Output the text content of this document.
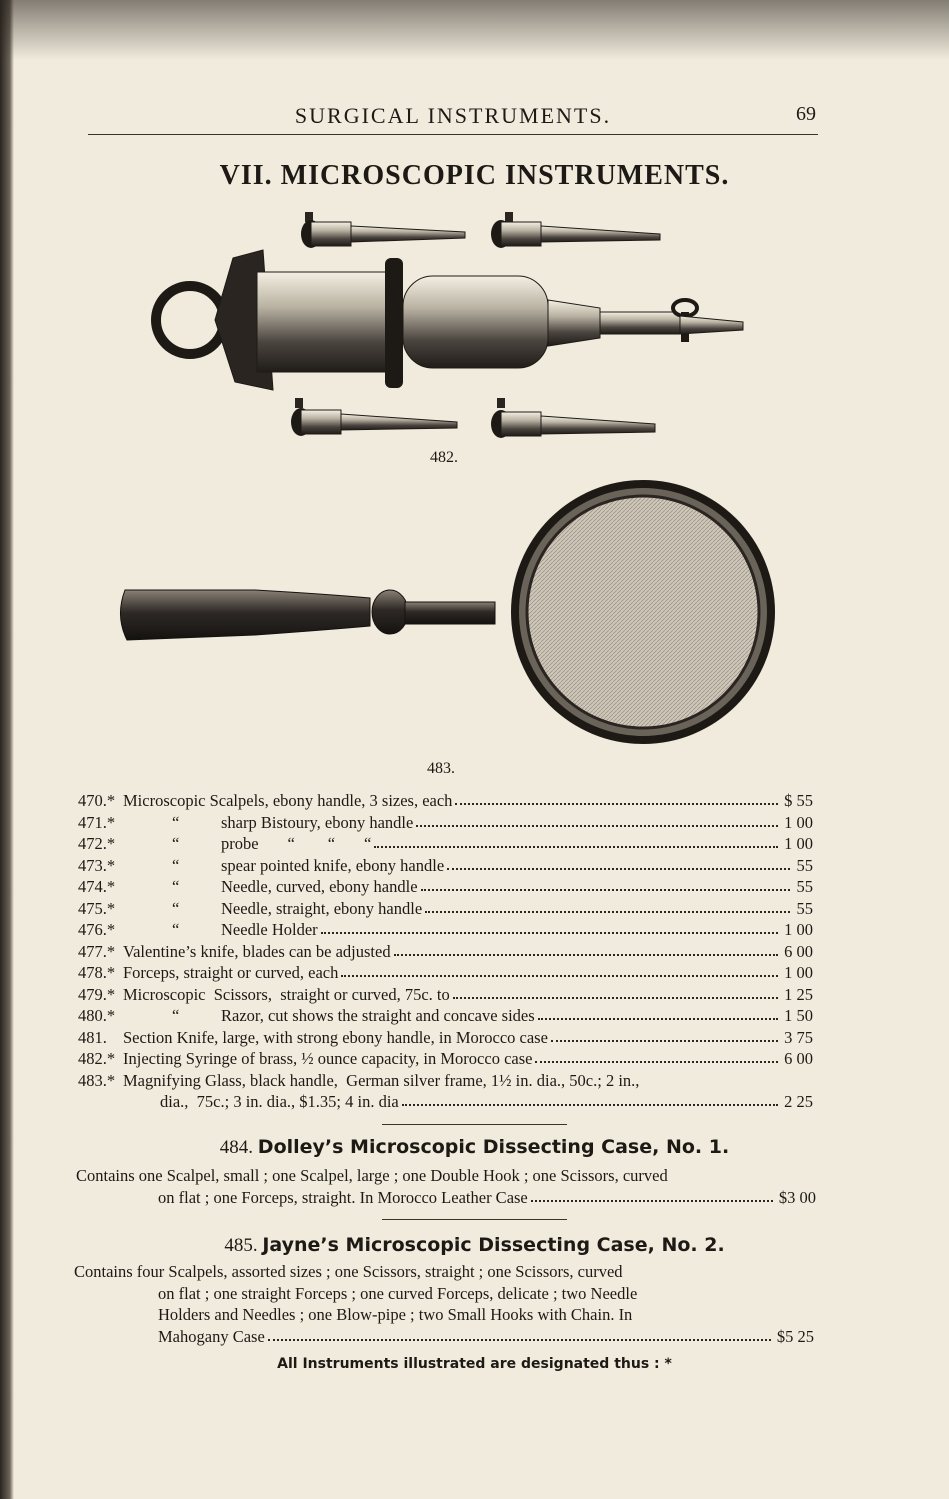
SURGICAL INSTRUMENTS.	69
VII. MICROSCOPIC INSTRUMENTS.
482.
483.
470.* Microscopic Scalpels, ebony handle, 3 sizes, each	$ 55
471.*	“	sharp Bistoury, ebony handle	1 00
472.*	“	probe       “        “       “	1 00
473.*	“	spear pointed knife, ebony handle	55
474.*	“	Needle, curved, ebony handle	55
475.*	“	Needle, straight, ebony handle	55
476.*	“	Needle Holder	1 00
477.* Valentine’s knife, blades can be adjusted	6 00
478.* Forceps, straight or curved, each	1 00
479.* Microscopic  Scissors,  straight or curved, 75c. to	1 25
480.*	“	Razor, cut shows the straight and concave sides	1 50
481. Section Knife, large, with strong ebony handle, in Morocco case	3 75
482.* Injecting Syringe of brass, ½ ounce capacity, in Morocco case	6 00
483.* Magnifying Glass, black handle,  German silver frame, 1½ in. dia., 50c.; 2 in.,
dia.,  75c.; 3 in. dia., $1.35; 4 in. dia	2 25
484. Dolley’s Microscopic Dissecting Case, No. 1.
Contains one Scalpel, small ; one Scalpel, large ; one Double Hook ; one Scissors, curved
on flat ; one Forceps, straight. In Morocco Leather Case	$3 00
485. Jayne’s Microscopic Dissecting Case, No. 2.
Contains four Scalpels, assorted sizes ; one Scissors, straight ; one Scissors, curved
on flat ; one straight Forceps ; one curved Forceps, delicate ; two Needle
Holders and Needles ; one Blow-pipe ; two Small Hooks with Chain. In
Mahogany Case	$5 25
All Instruments illustrated are designated thus : *
